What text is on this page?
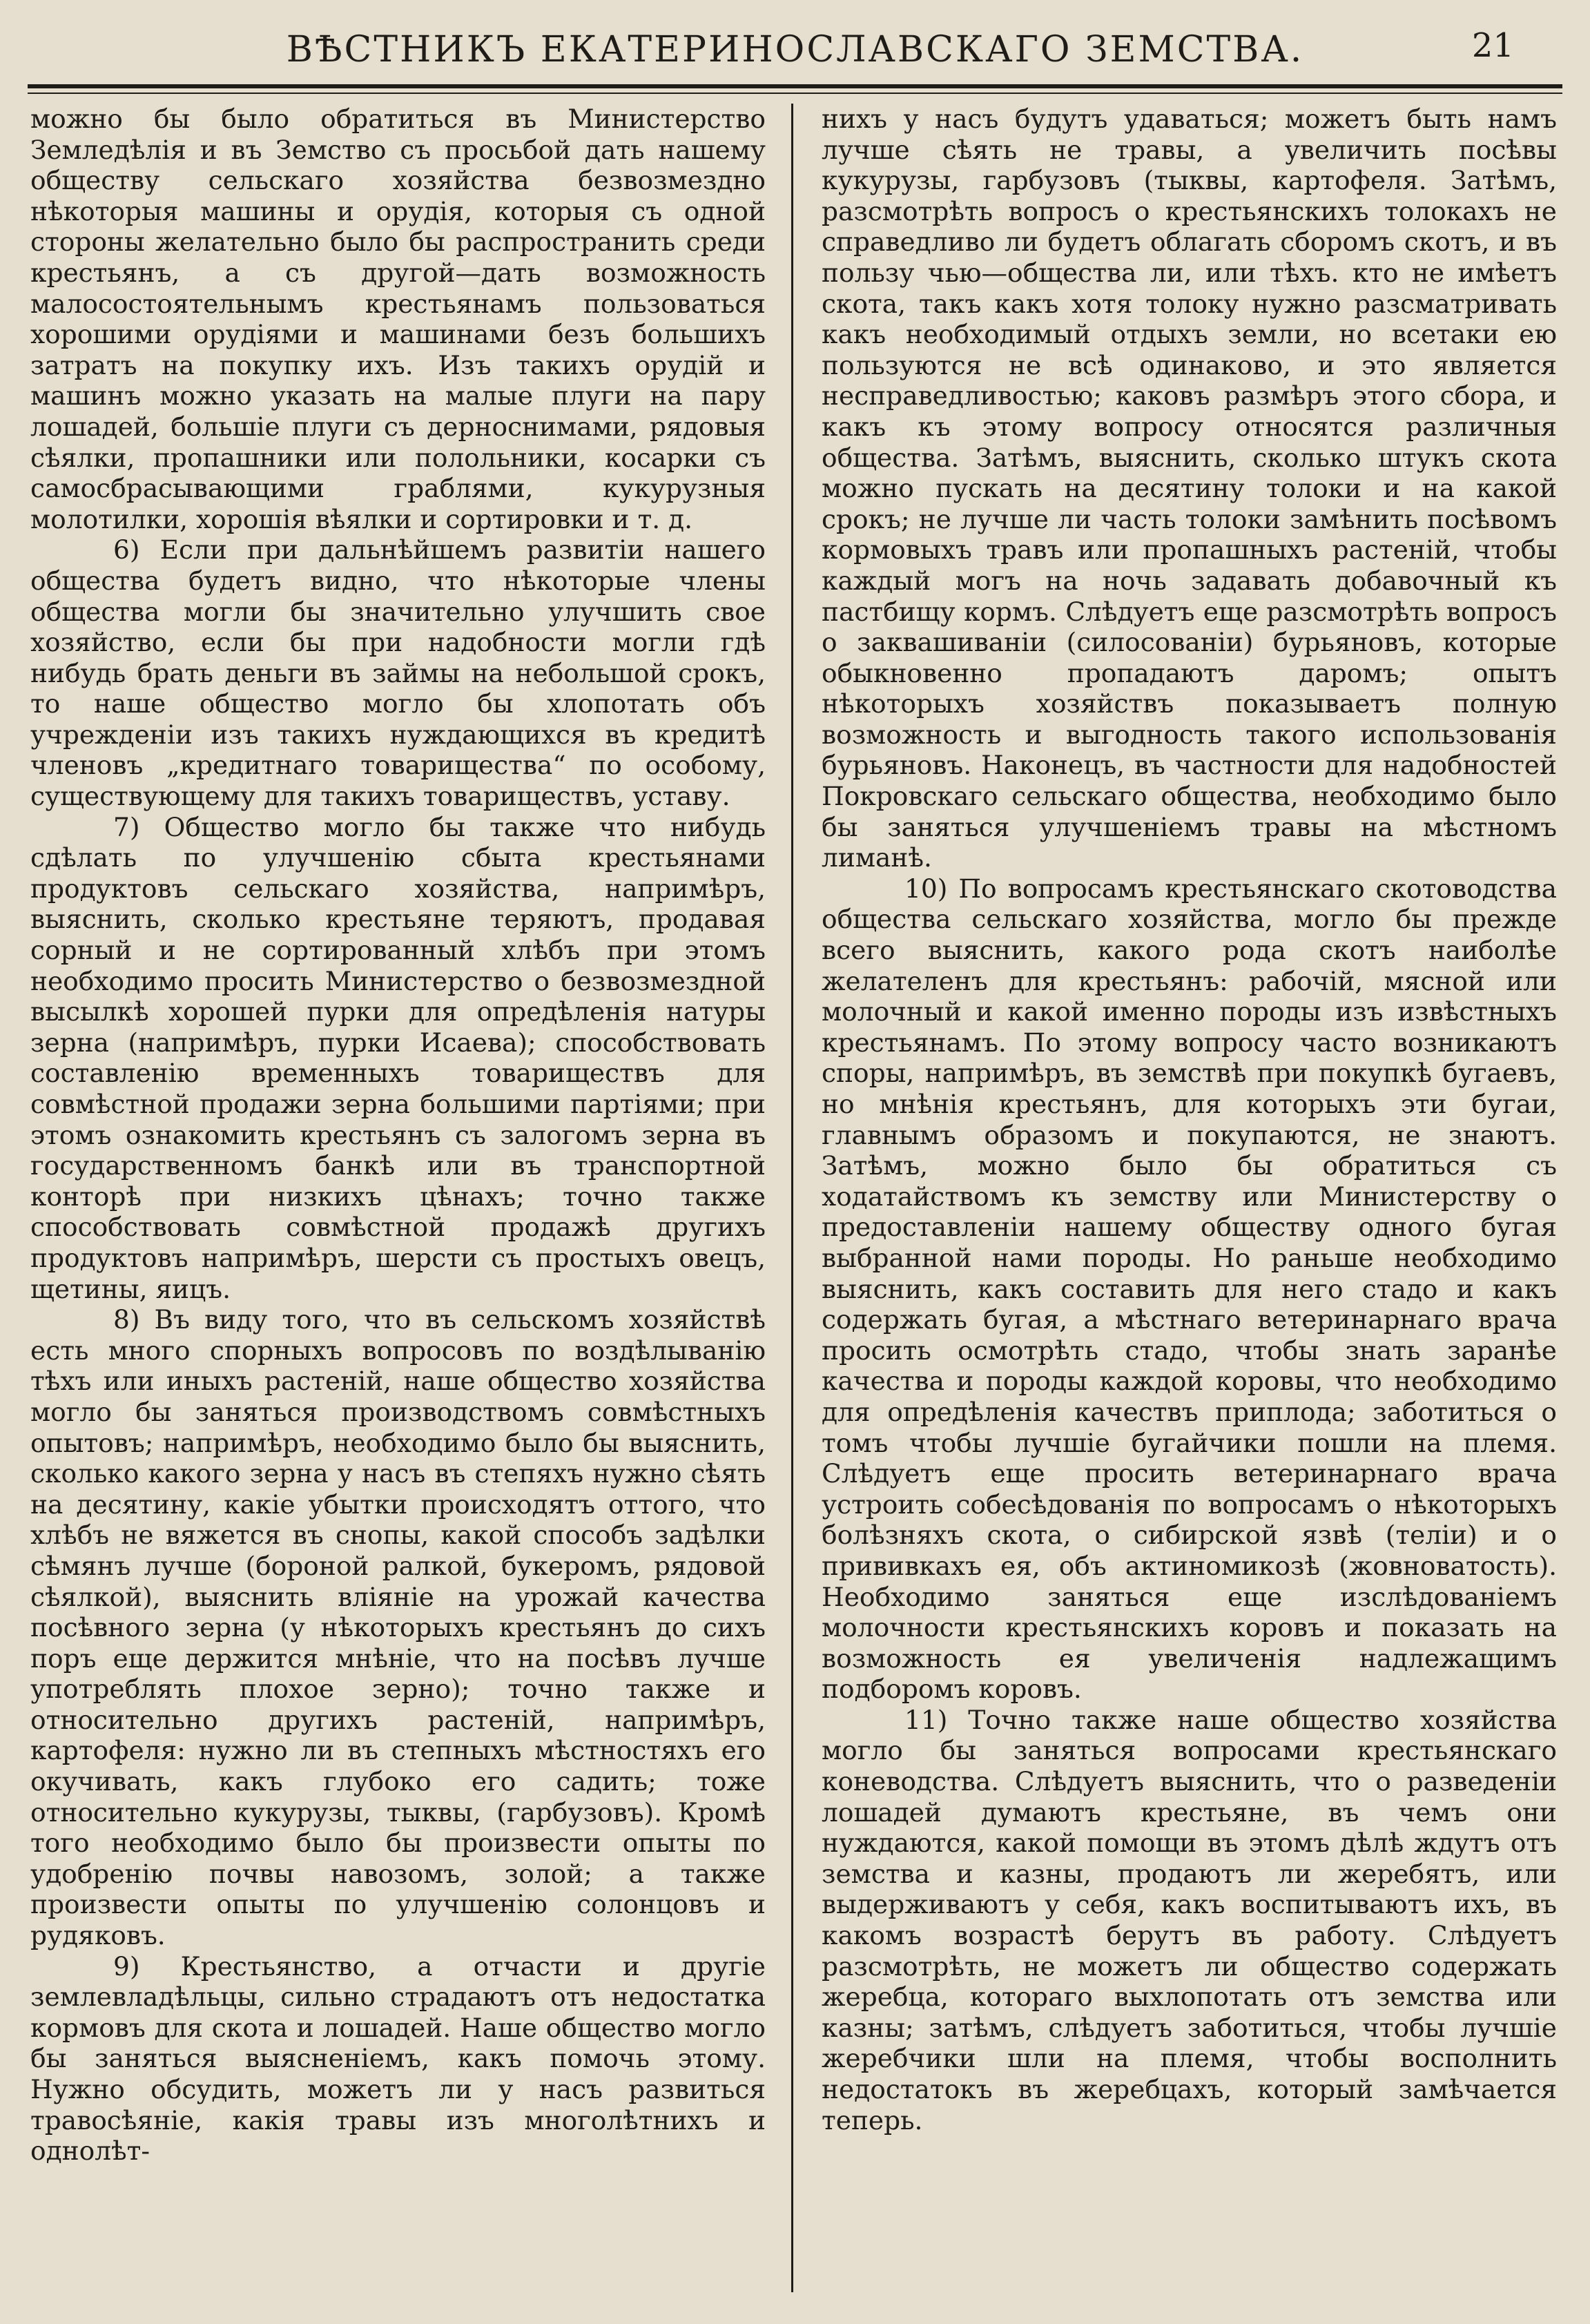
ВѢСТНИКЪ ЕКАТЕРИНОСЛАВСКАГО ЗЕМСТВА.	21

можно бы было обратиться въ Министерство Земледѣлія и въ Земство съ просьбой дать нашему обществу сельскаго хозяйства безвозмездно нѣкоторыя машины и орудія, которыя съ одной стороны желательно было бы распространить среди крестьянъ, а съ другой—дать возможность малосостоятельнымъ крестьянамъ пользоваться хорошими орудіями и машинами безъ большихъ затратъ на покупку ихъ. Изъ такихъ орудій и машинъ можно указать на малые плуги на пару лошадей, большіе плуги съ дерноснимами, рядовыя сѣялки, пропашники или полольники, косарки съ самосбрасывающими граблями, кукурузныя молотилки, хорошія вѣялки и сортировки и т. д.

6) Если при дальнѣйшемъ развитіи нашего общества будетъ видно, что нѣкоторые члены общества могли бы значительно улучшить свое хозяйство, если бы при надобности могли гдѣ нибудь брать деньги въ займы на небольшой срокъ, то наше общество могло бы хлопотать объ учрежденіи изъ такихъ нуждающихся въ кредитѣ членовъ „кредитнаго товарищества“ по особому, существующему для такихъ товариществъ, уставу.

7) Общество могло бы также что нибудь сдѣлать по улучшенію сбыта крестьянами продуктовъ сельскаго хозяйства, напримѣръ, выяснить, сколько крестьяне теряютъ, продавая сорный и не сортированный хлѣбъ при этомъ необходимо просить Министерство о безвозмездной высылкѣ хорошей пурки для опредѣленія натуры зерна (напримѣръ, пурки Исаева); способствовать составленію временныхъ товариществъ для совмѣстной продажи зерна большими партіями; при этомъ ознакомить крестьянъ съ залогомъ зерна въ государственномъ банкѣ или въ транспортной конторѣ при низкихъ цѣнахъ; точно также способствовать совмѣстной продажѣ другихъ продуктовъ напримѣръ, шерсти съ простыхъ овецъ, щетины, яицъ.

8) Въ виду того, что въ сельскомъ хозяйствѣ есть много спорныхъ вопросовъ по воздѣлыванію тѣхъ или иныхъ растеній, наше общество хозяйства могло бы заняться производствомъ совмѣстныхъ опытовъ; напримѣръ, необходимо было бы выяснить, сколько какого зерна у насъ въ степяхъ нужно сѣять на десятину, какіе убытки происходятъ оттого, что хлѣбъ не вяжется въ снопы, какой способъ задѣлки сѣмянъ лучше (бороной ралкой, букеромъ, рядовой сѣялкой), выяснить вліяніе на урожай качества посѣвного зерна (у нѣкоторыхъ крестьянъ до сихъ поръ еще держится мнѣніе, что на посѣвъ лучше употреблять плохое зерно); точно также и относительно другихъ растеній, напримѣръ, картофеля: нужно ли въ степныхъ мѣстностяхъ его окучивать, какъ глубоко его садить; тоже относительно кукурузы, тыквы, (гарбузовъ). Кромѣ того необходимо было бы произвести опыты по удобренію почвы навозомъ, золой; а также произвести опыты по улучшенію солонцовъ и рудяковъ.

9) Крестьянство, а отчасти и другіе землевладѣльцы, сильно страдаютъ отъ недостатка кормовъ для скота и лошадей. Наше общество могло бы заняться выясненіемъ, какъ помочь этому. Нужно обсудить, можетъ ли у насъ развиться травосѣяніе, какія травы изъ многолѣтнихъ и однолѣт-

нихъ у насъ будутъ удаваться; можетъ быть намъ лучше сѣять не травы, а увеличить посѣвы кукурузы, гарбузовъ (тыквы, картофеля. Затѣмъ, разсмотрѣть вопросъ о крестьянскихъ толокахъ не справедливо ли будетъ облагать сборомъ скотъ, и въ пользу чью—общества ли, или тѣхъ. кто не имѣетъ скота, такъ какъ хотя толоку нужно разсматривать какъ необходимый отдыхъ земли, но всетаки ею пользуются не всѣ одинаково, и это является несправедливостью; каковъ размѣръ этого сбора, и какъ къ этому вопросу относятся различныя общества. Затѣмъ, выяснить, сколько штукъ скота можно пускать на десятину толоки и на какой срокъ; не лучше ли часть толоки замѣнить посѣвомъ кормовыхъ травъ или пропашныхъ растеній, чтобы каждый могъ на ночь задавать добавочный къ пастбищу кормъ. Слѣдуетъ еще разсмотрѣть вопросъ о заквашиваніи (силосованіи) бурьяновъ, которые обыкновенно пропадаютъ даромъ; опытъ нѣкоторыхъ хозяйствъ показываетъ полную возможность и выгодность такого использованія бурьяновъ. Наконецъ, въ частности для надобностей Покровскаго сельскаго общества, необходимо было бы заняться улучшеніемъ травы на мѣстномъ лиманѣ.

10) По вопросамъ крестьянскаго скотоводства общества сельскаго хозяйства, могло бы прежде всего выяснить, какого рода скотъ наиболѣе желателенъ для крестьянъ: рабочій, мясной или молочный и какой именно породы изъ извѣстныхъ крестьянамъ. По этому вопросу часто возникаютъ споры, напримѣръ, въ земствѣ при покупкѣ бугаевъ, но мнѣнія крестьянъ, для которыхъ эти бугаи, главнымъ образомъ и покупаются, не знаютъ. Затѣмъ, можно было бы обратиться съ ходатайствомъ къ земству или Министерству о предоставленіи нашему обществу одного бугая выбранной нами породы. Но раньше необходимо выяснить, какъ составить для него стадо и какъ содержать бугая, а мѣстнаго ветеринарнаго врача просить осмотрѣть стадо, чтобы знать заранѣе качества и породы каждой коровы, что необходимо для опредѣленія качествъ приплода; заботиться о томъ чтобы лучшіе бугайчики пошли на племя. Слѣдуетъ еще просить ветеринарнаго врача устроить собесѣдованія по вопросамъ о нѣкоторыхъ болѣзняхъ скота, о сибирской язвѣ (теліи) и о прививкахъ ея, объ актиномикозѣ (жовноватость). Необходимо заняться еще изслѣдованіемъ молочности крестьянскихъ коровъ и показать на возможность ея увеличенія надлежащимъ подборомъ коровъ.

11) Точно также наше общество хозяйства могло бы заняться вопросами крестьянскаго коневодства. Слѣдуетъ выяснить, что о разведеніи лошадей думаютъ крестьяне, въ чемъ они нуждаются, какой помощи въ этомъ дѣлѣ ждутъ отъ земства и казны, продаютъ ли жеребятъ, или выдерживаютъ у себя, какъ воспитываютъ ихъ, въ какомъ возрастѣ берутъ въ работу. Слѣдуетъ разсмотрѣть, не можетъ ли общество содержать жеребца, котораго выхлопотать отъ земства или казны; затѣмъ, слѣдуетъ заботиться, чтобы лучшіе жеребчики шли на племя, чтобы восполнить недостатокъ въ жеребцахъ, который замѣчается теперь.
